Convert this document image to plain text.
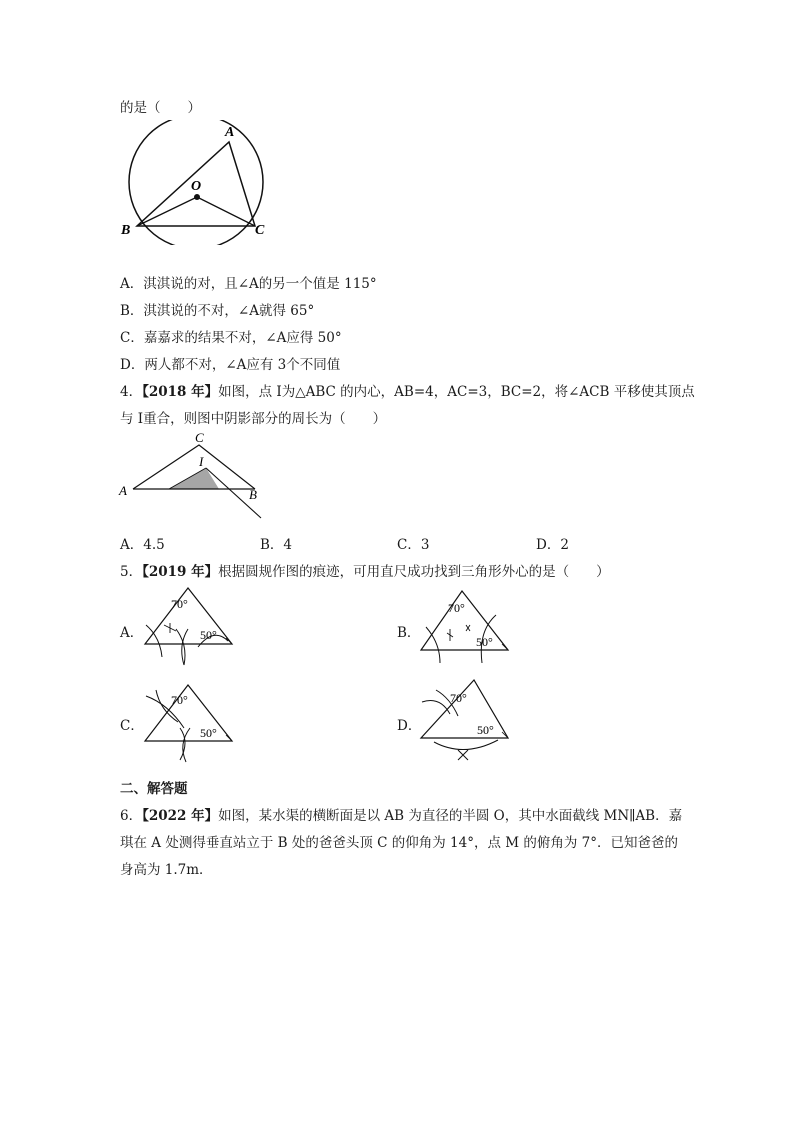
的是（　　）
A
O
B	C
A．淇淇说的对，且∠A的另一个值是 115°
B．淇淇说的不对，∠A就得 65°
C．嘉嘉求的结果不对，∠A应得 50°
D．两人都不对，∠A应有 3个不同值
4．【2018 年】如图，点 I为△ABC 的内心，AB=4，AC=3，BC=2，将∠ACB 平移使其顶点
与 I重合，则图中阴影部分的周长为（　　）
C
I
A	B
A．4.5	B．4	C．3	D．2
5．【2019 年】根据圆规作图的痕迹，可用直尺成功找到三角形外心的是（　　）
A．
70°
50°	B．
70°
50°
C．
70°
50°	D．
70°
50°
二、解答题
6．【2022 年】如图，某水渠的横断面是以 AB 为直径的半圆 O，其中水面截线 MN∥AB．嘉
琪在 A 处测得垂直站立于 B 处的爸爸头顶 C 的仰角为 14°，点 M 的俯角为 7°．已知爸爸的
身高为 1.7m．
